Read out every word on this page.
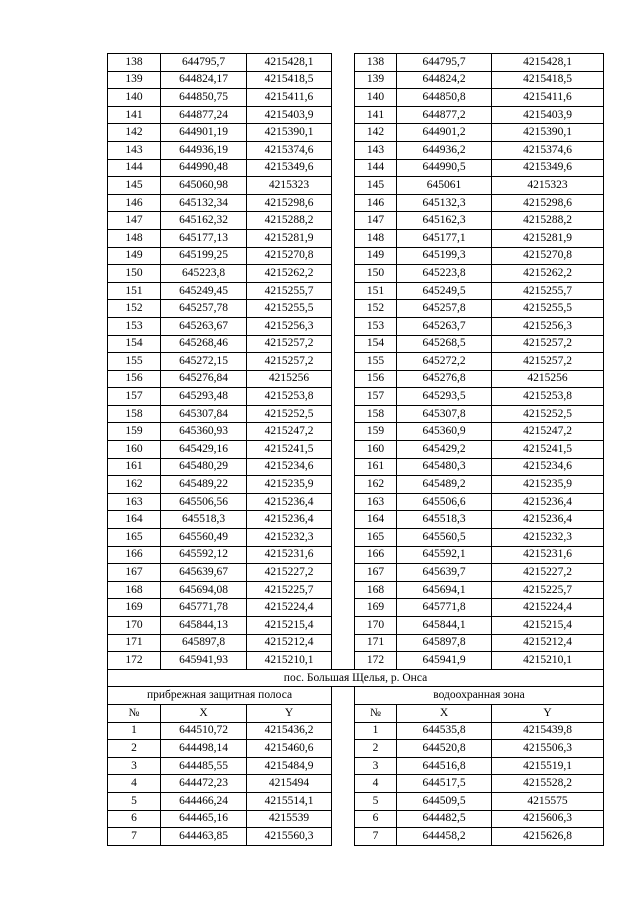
138	644795,7	4215428,1		138	644795,7	4215428,1
139	644824,17	4215418,5		139	644824,2	4215418,5
140	644850,75	4215411,6		140	644850,8	4215411,6
141	644877,24	4215403,9		141	644877,2	4215403,9
142	644901,19	4215390,1		142	644901,2	4215390,1
143	644936,19	4215374,6		143	644936,2	4215374,6
144	644990,48	4215349,6		144	644990,5	4215349,6
145	645060,98	4215323		145	645061	4215323
146	645132,34	4215298,6		146	645132,3	4215298,6
147	645162,32	4215288,2		147	645162,3	4215288,2
148	645177,13	4215281,9		148	645177,1	4215281,9
149	645199,25	4215270,8		149	645199,3	4215270,8
150	645223,8	4215262,2		150	645223,8	4215262,2
151	645249,45	4215255,7		151	645249,5	4215255,7
152	645257,78	4215255,5		152	645257,8	4215255,5
153	645263,67	4215256,3		153	645263,7	4215256,3
154	645268,46	4215257,2		154	645268,5	4215257,2
155	645272,15	4215257,2		155	645272,2	4215257,2
156	645276,84	4215256		156	645276,8	4215256
157	645293,48	4215253,8		157	645293,5	4215253,8
158	645307,84	4215252,5		158	645307,8	4215252,5
159	645360,93	4215247,2		159	645360,9	4215247,2
160	645429,16	4215241,5		160	645429,2	4215241,5
161	645480,29	4215234,6		161	645480,3	4215234,6
162	645489,22	4215235,9		162	645489,2	4215235,9
163	645506,56	4215236,4		163	645506,6	4215236,4
164	645518,3	4215236,4		164	645518,3	4215236,4
165	645560,49	4215232,3		165	645560,5	4215232,3
166	645592,12	4215231,6		166	645592,1	4215231,6
167	645639,67	4215227,2		167	645639,7	4215227,2
168	645694,08	4215225,7		168	645694,1	4215225,7
169	645771,78	4215224,4		169	645771,8	4215224,4
170	645844,13	4215215,4		170	645844,1	4215215,4
171	645897,8	4215212,4		171	645897,8	4215212,4
172	645941,93	4215210,1		172	645941,9	4215210,1
пос. Большая Щелья, р. Онса						
прибрежная защитная полоса				водоохранная зона		
№	X	Y		№	X	Y
1	644510,72	4215436,2		1	644535,8	4215439,8
2	644498,14	4215460,6		2	644520,8	4215506,3
3	644485,55	4215484,9		3	644516,8	4215519,1
4	644472,23	4215494		4	644517,5	4215528,2
5	644466,24	4215514,1		5	644509,5	4215575
6	644465,16	4215539		6	644482,5	4215606,3
7	644463,85	4215560,3		7	644458,2	4215626,8
